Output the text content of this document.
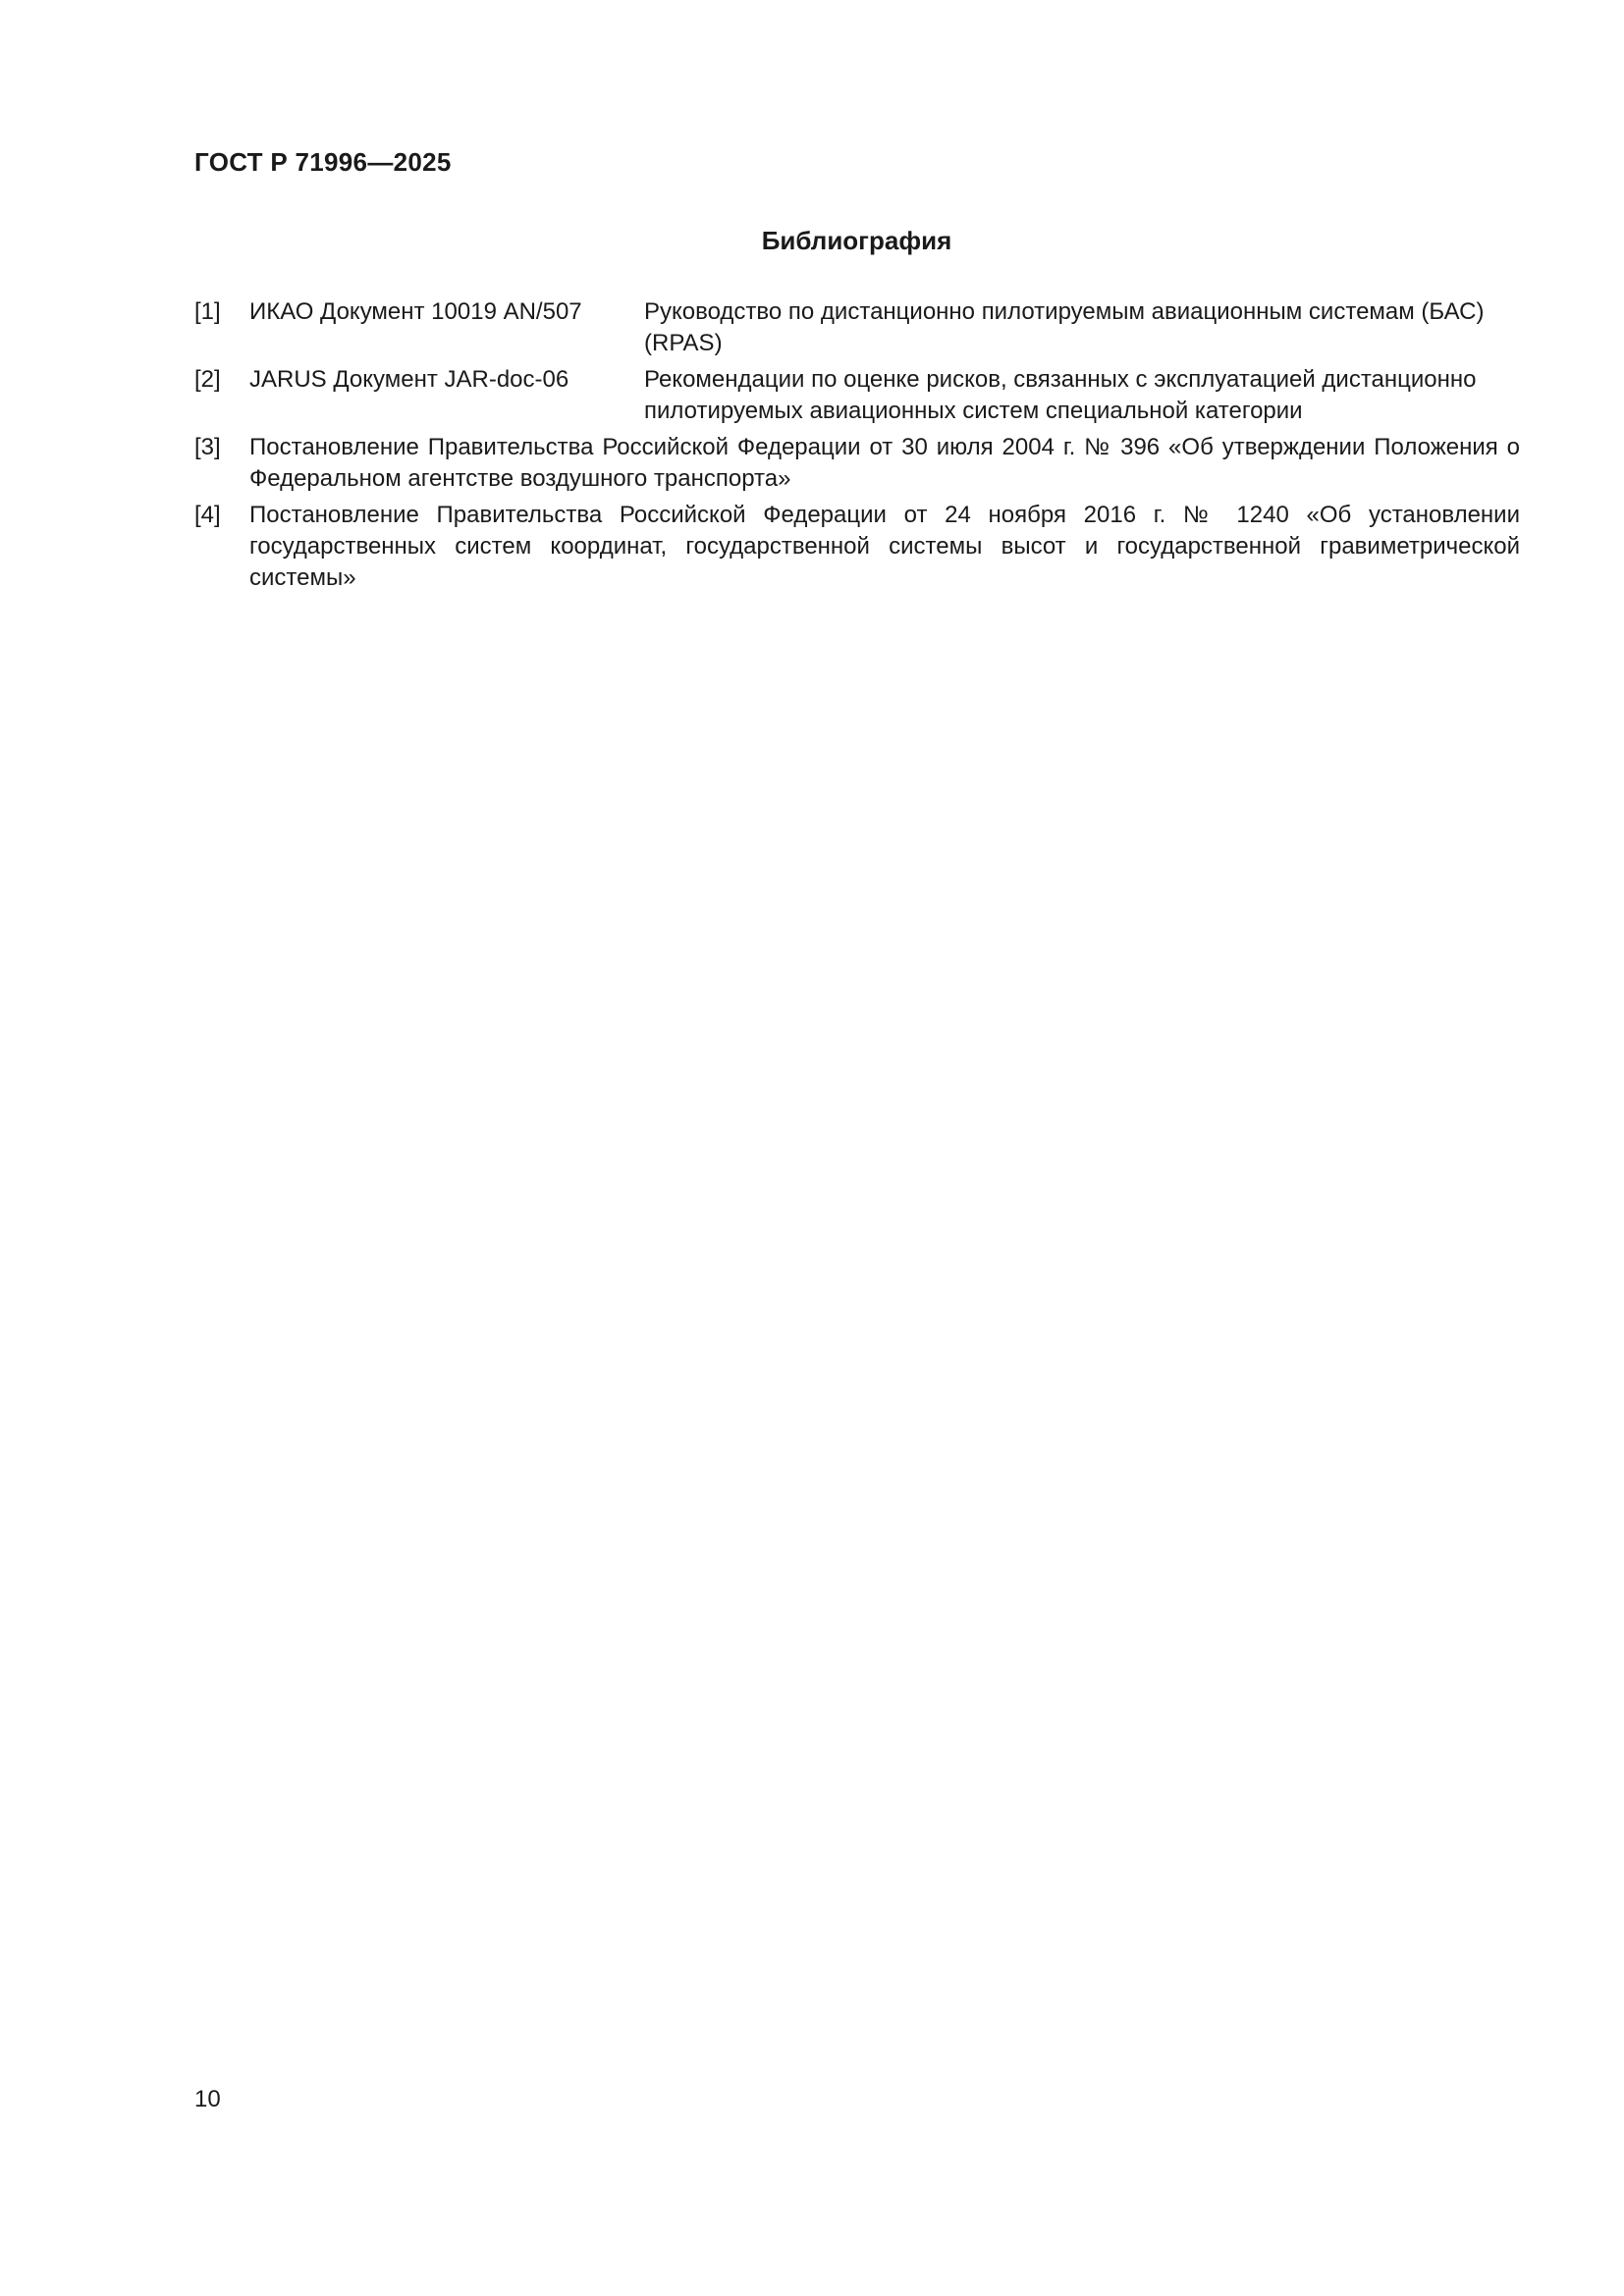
ГОСТ Р 71996—2025
Библиография
[1]	ИКАО Документ 10019 AN/507	Руководство по дистанционно пилотируемым авиационным системам (БАС) (RPAS)
[2]	JARUS Документ JAR-doc-06	Рекомендации по оценке рисков, связанных с эксплуатацией дистанционно пилотируемых авиационных систем специальной категории
[3]	Постановление Правительства Российской Федерации от 30 июля 2004 г. № 396 «Об утверждении Положения о Федеральном агентстве воздушного транспорта»
[4]	Постановление Правительства Российской Федерации от 24 ноября 2016 г. № 1240 «Об установлении государственных систем координат, государственной системы высот и государственной гравиметрической системы»
10
